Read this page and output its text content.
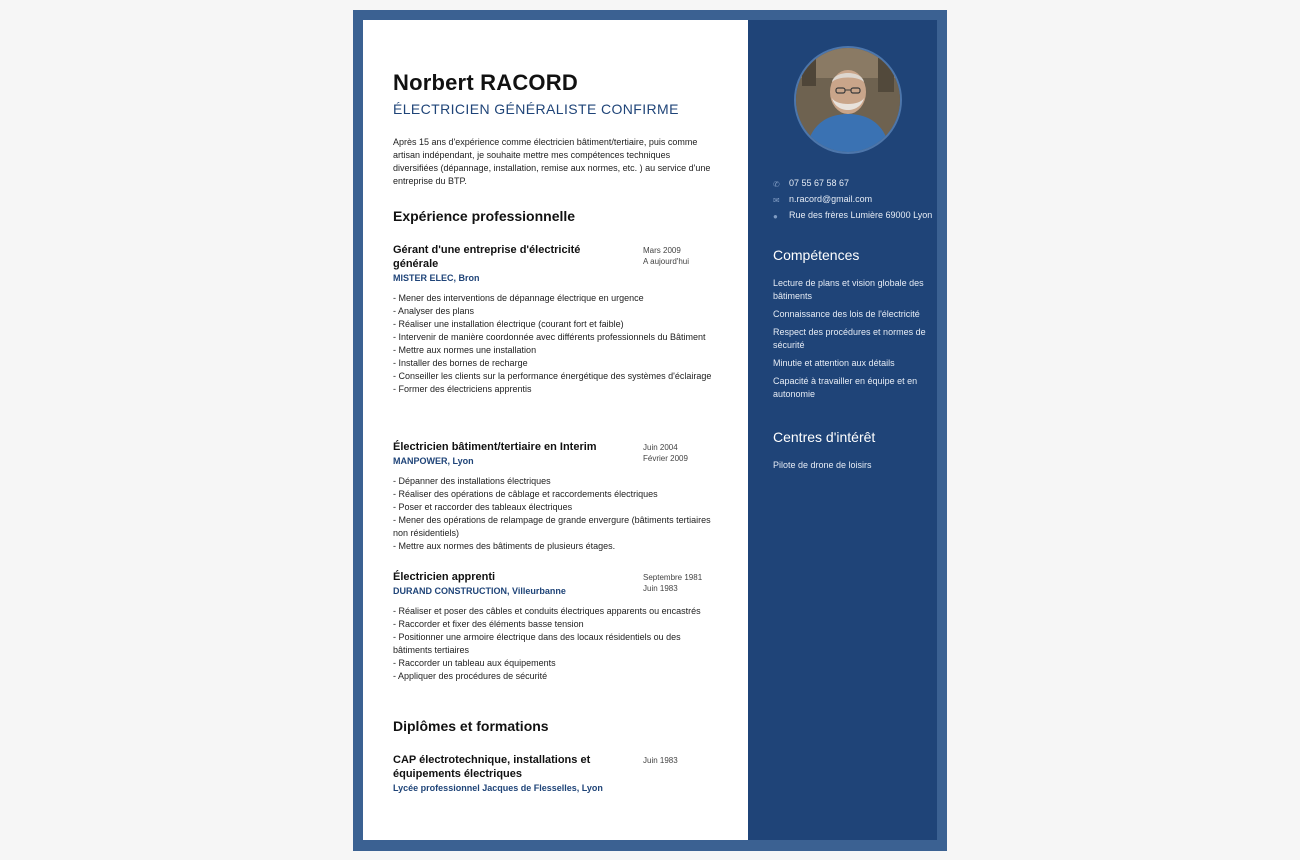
Norbert RACORD
ÉLECTRICIEN GÉNÉRALISTE CONFIRME
Après 15 ans d'expérience comme électricien bâtiment/tertiaire, puis comme artisan indépendant, je souhaite mettre mes compétences techniques diversifiées (dépannage, installation, remise aux normes, etc. ) au service d'une entreprise du BTP.
Expérience professionnelle
Gérant d'une entreprise d'électricité générale
MISTER ELEC, Bron
Mars 2009
A aujourd'hui
- Mener des interventions de dépannage électrique en urgence
- Analyser des plans
- Réaliser une installation électrique (courant fort et faible)
- Intervenir de manière coordonnée avec différents professionnels du Bâtiment
- Mettre aux normes une installation
- Installer des bornes de recharge
- Conseiller les clients sur la performance énergétique des systèmes d'éclairage
- Former des électriciens apprentis
Électricien bâtiment/tertiaire en Interim
MANPOWER, Lyon
Juin 2004
Février 2009
- Dépanner des installations électriques
- Réaliser des opérations de câblage et raccordements électriques
- Poser et raccorder des tableaux électriques
- Mener des opérations de relampage de grande envergure (bâtiments tertiaires non résidentiels)
- Mettre aux normes des bâtiments de plusieurs étages.
Électricien apprenti
DURAND CONSTRUCTION, Villeurbanne
Septembre 1981
Juin 1983
- Réaliser et poser des câbles et conduits électriques apparents ou encastrés
- Raccorder et fixer des éléments basse tension
- Positionner une armoire électrique dans des locaux résidentiels ou des bâtiments tertiaires
- Raccorder un tableau aux équipements
- Appliquer des procédures de sécurité
Diplômes et formations
CAP électrotechnique, installations et équipements électriques
Lycée professionnel Jacques de Flesselles, Lyon
Juin 1983
✆	07 55 67 58 67
✉	n.racord@gmail.com
●	Rue des frères Lumière 69000 Lyon
Compétences
Lecture de plans et vision globale des bâtiments
Connaissance des lois de l'électricité
Respect des procédures et normes de sécurité
Minutie et attention aux détails
Capacité à travailler en équipe et en autonomie
Centres d'intérêt
Pilote de drone de loisirs
